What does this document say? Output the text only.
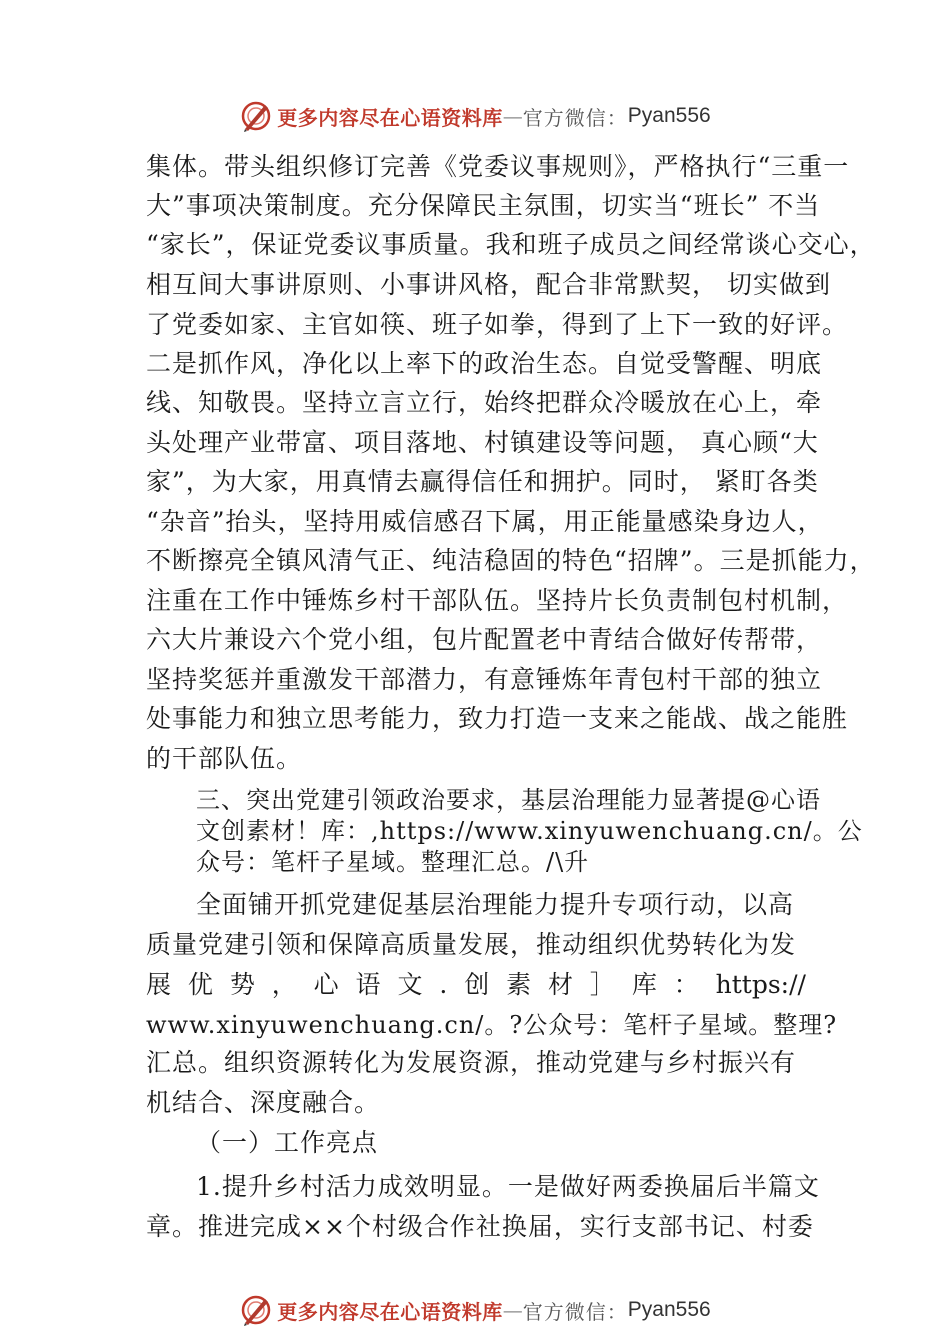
更多内容尽在心语资料库 — 官方微信： Pyan556
集体。带头组织修订完善《党委议事规则》，严格执行“三重一
大”事项决策制度。充分保障民主氛围，切实当“班长” 不当
“家长”，保证党委议事质量。我和班子成员之间经常谈心交心，
相互间大事讲原则、小事讲风格，配合非常默契， 切实做到
了党委如家、主官如筷、班子如拳，得到了上下一致的好评。
二是抓作风，净化以上率下的政治生态。自觉受警醒、明底
线、知敬畏。坚持立言立行，始终把群众冷暖放在心上，牵
头处理产业带富、项目落地、村镇建设等问题， 真心顾“大
家”，为大家，用真情去赢得信任和拥护。同时， 紧盯各类
“杂音”抬头，坚持用威信感召下属，用正能量感染身边人，
不断擦亮全镇风清气正、纯洁稳固的特色“招牌”。三是抓能力，
注重在工作中锤炼乡村干部队伍。坚持片长负责制包村机制，
六大片兼设六个党小组，包片配置老中青结合做好传帮带，
坚持奖惩并重激发干部潜力，有意锤炼年青包村干部的独立
处事能力和独立思考能力，致力打造一支来之能战、战之能胜
的干部队伍。
三、突出党建引领政治要求，基层治理能力显著提@心语
文创素材！库：,https://www.xinyuwenchuang.cn/。公
众号：笔杆子星域。整理汇总。/\升
全面铺开抓党建促基层治理能力提升专项行动，以高
质量党建引领和保障高质量发展，推动组织优势转化为发
展 优 势 ， 心 语 文 . 创 素 材 ］ 库 ： https://
www.xinyuwenchuang.cn/。?公众号：笔杆子星域。整理?
汇总。组织资源转化为发展资源，推动党建与乡村振兴有
机结合、深度融合。
（一）工作亮点
1.提升乡村活力成效明显。一是做好两委换届后半篇文
章。推进完成××个村级合作社换届，实行支部书记、村委
更多内容尽在心语资料库 — 官方微信： Pyan556
